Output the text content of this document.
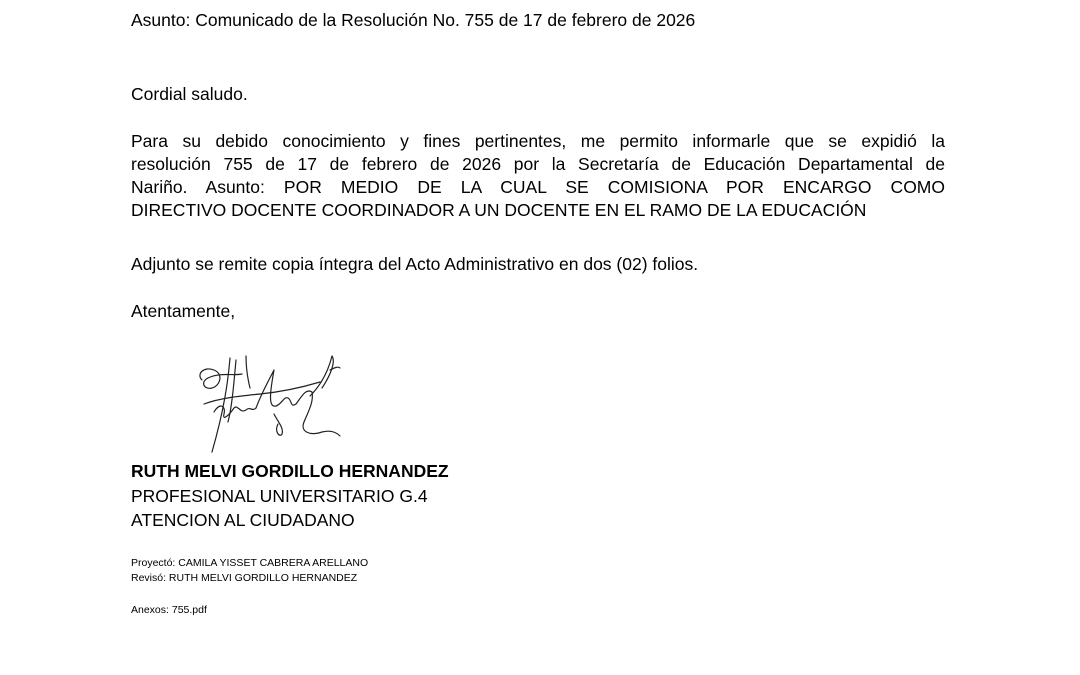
Asunto: Comunicado de la Resolución No. 755 de 17 de febrero de 2026
Cordial saludo.
Para su debido conocimiento y fines pertinentes, me permito informarle que se expidió la
resolución 755 de 17 de febrero de 2026 por la Secretaría de Educación Departamental de
Nariño. Asunto: POR MEDIO DE LA CUAL SE COMISIONA POR ENCARGO COMO
DIRECTIVO DOCENTE COORDINADOR A UN DOCENTE EN EL RAMO DE LA EDUCACIÓN
Adjunto se remite copia íntegra del Acto Administrativo en dos (02) folios.
Atentamente,
RUTH MELVI GORDILLO HERNANDEZ
PROFESIONAL UNIVERSITARIO G.4
ATENCION AL CIUDADANO
Proyectó: CAMILA YISSET CABRERA ARELLANO
Revisó: RUTH MELVI GORDILLO HERNANDEZ
Anexos: 755.pdf
